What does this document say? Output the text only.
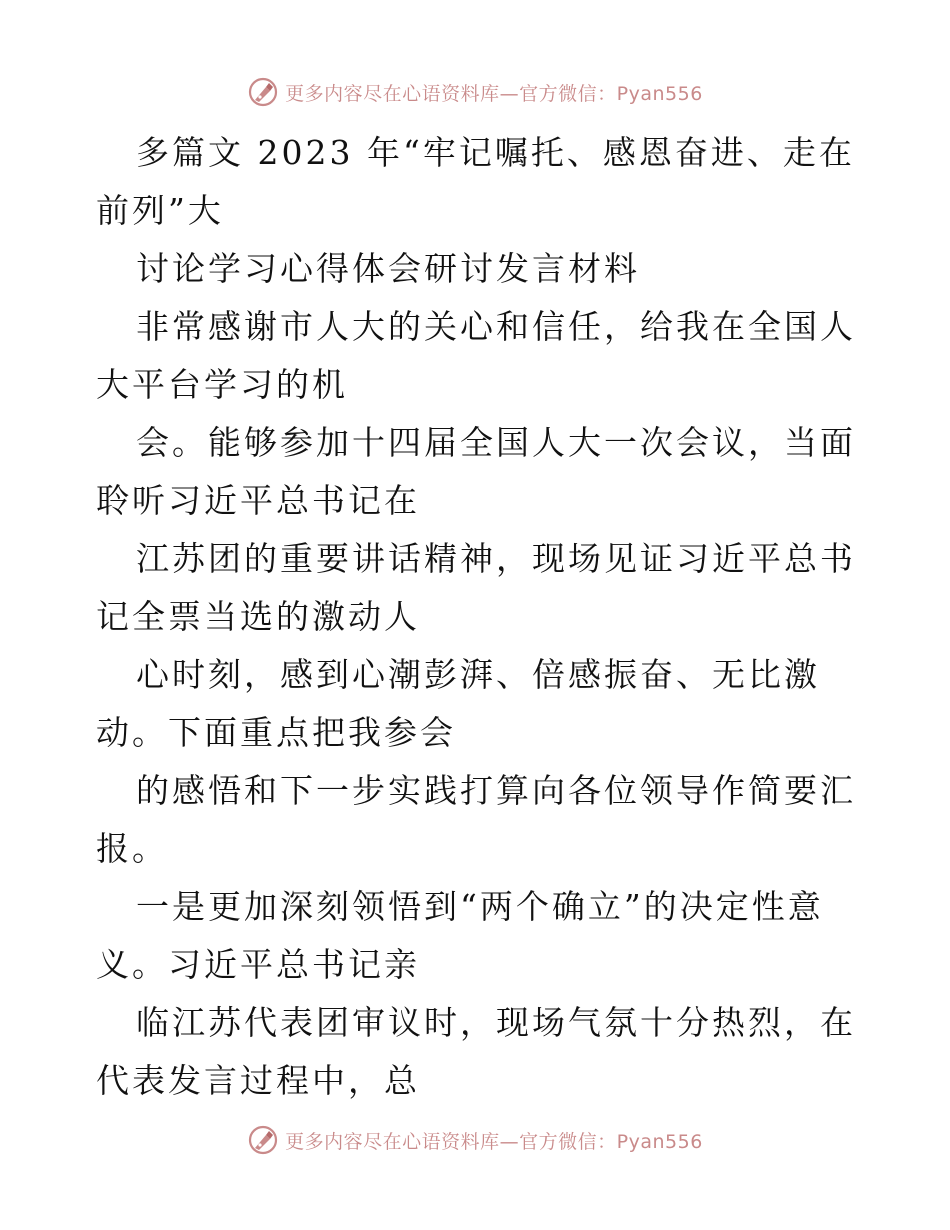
更多内容尽在心语资料库—官方微信：Pyan556

多篇文 2023 年“牢记嘱托、感恩奋进、走在前列”大

讨论学习心得体会研讨发言材料

非常感谢市人大的关心和信任，给我在全国人大平台学习的机

会。能够参加十四届全国人大一次会议，当面聆听习近平总书记在

江苏团的重要讲话精神，现场见证习近平总书记全票当选的激动人

心时刻，感到心潮彭湃、倍感振奋、无比激动。下面重点把我参会

的感悟和下一步实践打算向各位领导作简要汇报。

一是更加深刻领悟到“两个确立”的决定性意义。习近平总书记亲

临江苏代表团审议时，现场气氛十分热烈，在代表发言过程中，总

更多内容尽在心语资料库—官方微信：Pyan556
